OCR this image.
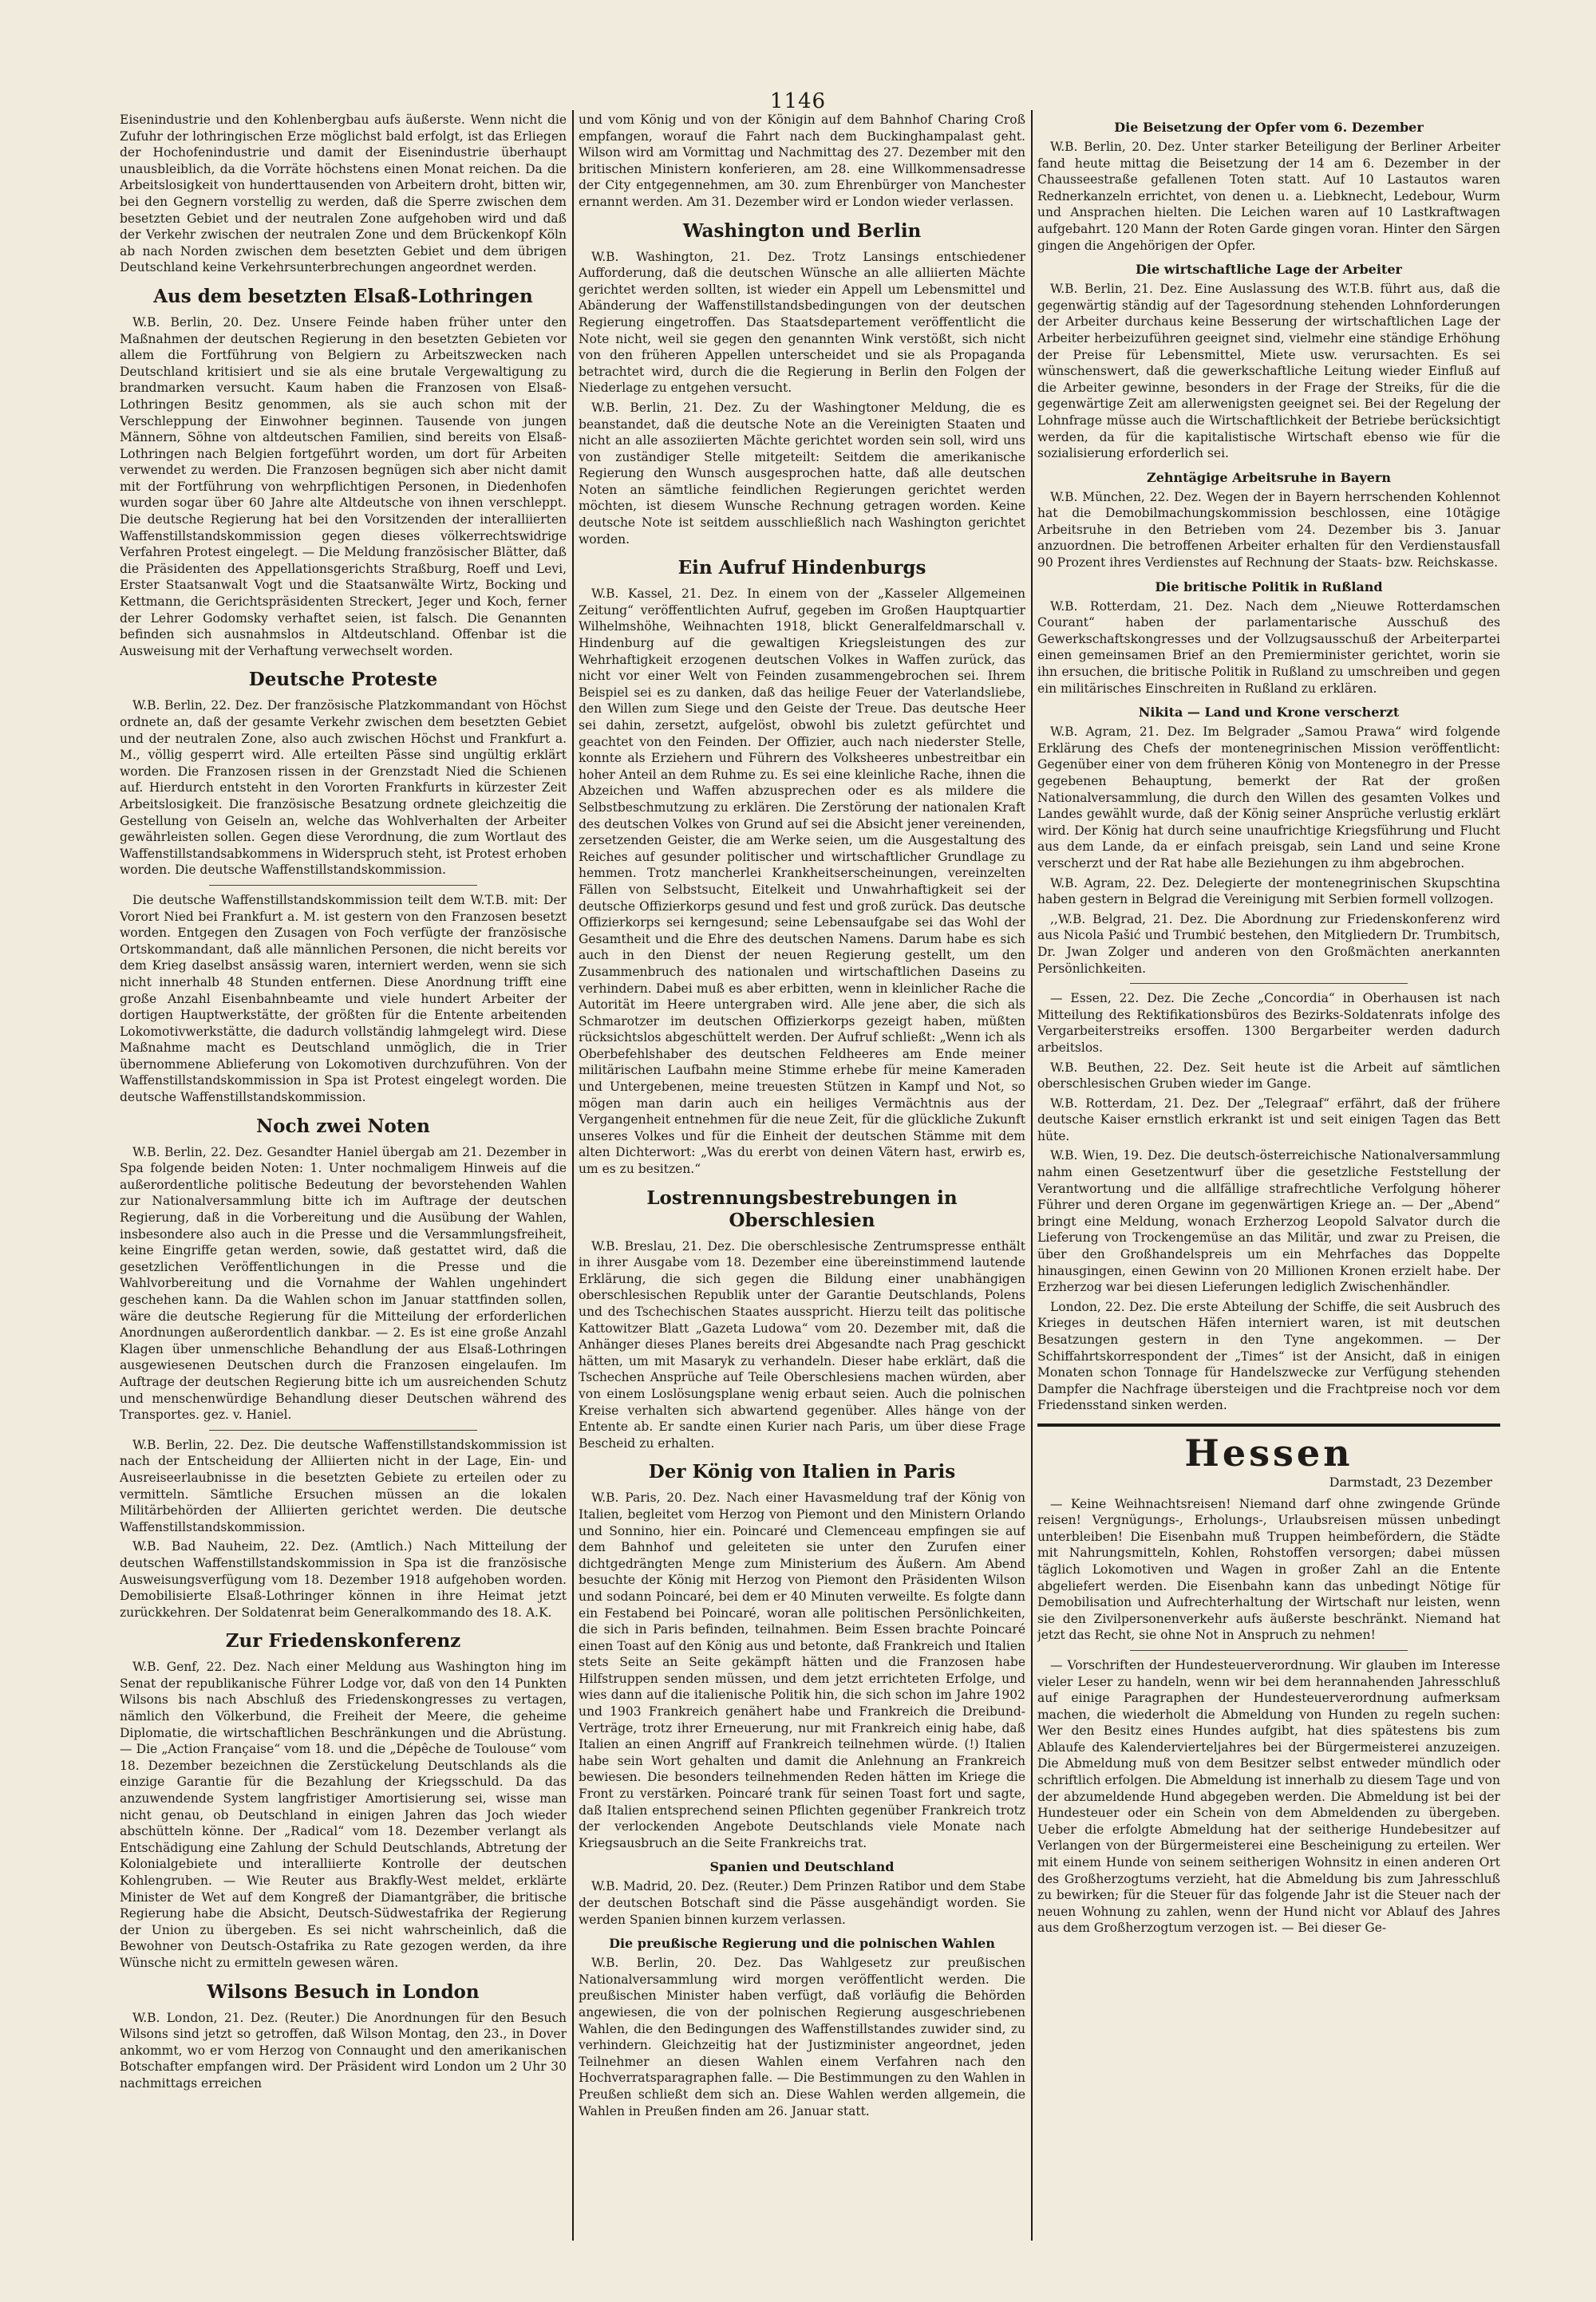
1146

Eisenindustrie und den Kohlenbergbau aufs äußerste. Wenn nicht die Zufuhr der lothringischen Erze möglichst bald erfolgt, ist das Erliegen der Hochofenindustrie und damit der Eisenindustrie überhaupt unausbleiblich, da die Vorräte höchstens einen Monat reichen. Da die Arbeitslosigkeit von hunderttausenden von Arbeitern droht, bitten wir, bei den Gegnern vorstellig zu werden, daß die Sperre zwischen dem besetzten Gebiet und der neutralen Zone aufgehoben wird und daß der Verkehr zwischen der neutralen Zone und dem Brückenkopf Köln ab nach Norden zwischen dem besetzten Gebiet und dem übrigen Deutschland keine Verkehrsunterbrechungen angeordnet werden.

Aus dem besetzten Elsaß-Lothringen

W.B. Berlin, 20. Dez. Unsere Feinde haben früher unter den Maßnahmen der deutschen Regierung in den besetzten Gebieten vor allem die Fortführung von Belgiern zu Arbeitszwecken nach Deutschland kritisiert und sie als eine brutale Vergewaltigung zu brandmarken versucht. Kaum haben die Franzosen von Elsaß-Lothringen Besitz genommen, als sie auch schon mit der Verschleppung der Einwohner beginnen. Tausende von jungen Männern, Söhne von altdeutschen Familien, sind bereits von Elsaß-Lothringen nach Belgien fortgeführt worden, um dort für Arbeiten verwendet zu werden. Die Franzosen begnügen sich aber nicht damit mit der Fortführung von wehrpflichtigen Personen, in Diedenhofen wurden sogar über 60 Jahre alte Altdeutsche von ihnen verschleppt. Die deutsche Regierung hat bei den Vorsitzenden der interalliierten Waffenstillstandskommission gegen dieses völkerrechtswidrige Verfahren Protest eingelegt. — Die Meldung französischer Blätter, daß die Präsidenten des Appellationsgerichts Straßburg, Roeff und Levi, Erster Staatsanwalt Vogt und die Staatsanwälte Wirtz, Bocking und Kettmann, die Gerichtspräsidenten Streckert, Jeger und Koch, ferner der Lehrer Godomsky verhaftet seien, ist falsch. Die Genannten befinden sich ausnahmslos in Altdeutschland. Offenbar ist die Ausweisung mit der Verhaftung verwechselt worden.

Deutsche Proteste

W.B. Berlin, 22. Dez. Der französische Platzkommandant von Höchst ordnete an, daß der gesamte Verkehr zwischen dem besetzten Gebiet und der neutralen Zone, also auch zwischen Höchst und Frankfurt a. M., völlig gesperrt wird. Alle erteilten Pässe sind ungültig erklärt worden. Die Franzosen rissen in der Grenzstadt Nied die Schienen auf. Hierdurch entsteht in den Vororten Frankfurts in kürzester Zeit Arbeitslosigkeit. Die französische Besatzung ordnete gleichzeitig die Gestellung von Geiseln an, welche das Wohlverhalten der Arbeiter gewährleisten sollen. Gegen diese Verordnung, die zum Wortlaut des Waffenstillstandsabkommens in Widerspruch steht, ist Protest erhoben worden. Die deutsche Waffenstillstandskommission.

Die deutsche Waffenstillstandskommission teilt dem W.T.B. mit: Der Vorort Nied bei Frankfurt a. M. ist gestern von den Franzosen besetzt worden. Entgegen den Zusagen von Foch verfügte der französische Ortskommandant, daß alle männlichen Personen, die nicht bereits vor dem Krieg daselbst ansässig waren, interniert werden, wenn sie sich nicht innerhalb 48 Stunden entfernen. Diese Anordnung trifft eine große Anzahl Eisenbahnbeamte und viele hundert Arbeiter der dortigen Hauptwerkstätte, der größten für die Entente arbeitenden Lokomotivwerkstätte, die dadurch vollständig lahmgelegt wird. Diese Maßnahme macht es Deutschland unmöglich, die in Trier übernommene Ablieferung von Lokomotiven durchzuführen. Von der Waffenstillstandskommission in Spa ist Protest eingelegt worden. Die deutsche Waffenstillstandskommission.

Noch zwei Noten

W.B. Berlin, 22. Dez. Gesandter Haniel übergab am 21. Dezember in Spa folgende beiden Noten: 1. Unter nochmaligem Hinweis auf die außerordentliche politische Bedeutung der bevorstehenden Wahlen zur Nationalversammlung bitte ich im Auftrage der deutschen Regierung, daß in die Vorbereitung und die Ausübung der Wahlen, insbesondere also auch in die Presse und die Versammlungsfreiheit, keine Eingriffe getan werden, sowie, daß gestattet wird, daß die gesetzlichen Veröffentlichungen in die Presse und die Wahlvorbereitung und die Vornahme der Wahlen ungehindert geschehen kann. Da die Wahlen schon im Januar stattfinden sollen, wäre die deutsche Regierung für die Mitteilung der erforderlichen Anordnungen außerordentlich dankbar. — 2. Es ist eine große Anzahl Klagen über unmenschliche Behandlung der aus Elsaß-Lothringen ausgewiesenen Deutschen durch die Franzosen eingelaufen. Im Auftrage der deutschen Regierung bitte ich um ausreichenden Schutz und menschenwürdige Behandlung dieser Deutschen während des Transportes. gez. v. Haniel.

W.B. Berlin, 22. Dez. Die deutsche Waffenstillstandskommission ist nach der Entscheidung der Alliierten nicht in der Lage, Ein- und Ausreiseerlaubnisse in die besetzten Gebiete zu erteilen oder zu vermitteln. Sämtliche Ersuchen müssen an die lokalen Militärbehörden der Alliierten gerichtet werden. Die deutsche Waffenstillstandskommission.

W.B. Bad Nauheim, 22. Dez. (Amtlich.) Nach Mitteilung der deutschen Waffenstillstandskommission in Spa ist die französische Ausweisungsverfügung vom 18. Dezember 1918 aufgehoben worden. Demobilisierte Elsaß-Lothringer können in ihre Heimat jetzt zurückkehren. Der Soldatenrat beim Generalkommando des 18. A.K.

Zur Friedenskonferenz

W.B. Genf, 22. Dez. Nach einer Meldung aus Washington hing im Senat der republikanische Führer Lodge vor, daß von den 14 Punkten Wilsons bis nach Abschluß des Friedenskongresses zu vertagen, nämlich den Völkerbund, die Freiheit der Meere, die geheime Diplomatie, die wirtschaftlichen Beschränkungen und die Abrüstung. — Die „Action Française“ vom 18. und die „Dépêche de Toulouse“ vom 18. Dezember bezeichnen die Zerstückelung Deutschlands als die einzige Garantie für die Bezahlung der Kriegsschuld. Da das anzuwendende System langfristiger Amortisierung sei, wisse man nicht genau, ob Deutschland in einigen Jahren das Joch wieder abschütteln könne. Der „Radical“ vom 18. Dezember verlangt als Entschädigung eine Zahlung der Schuld Deutschlands, Abtretung der Kolonialgebiete und interalliierte Kontrolle der deutschen Kohlengruben. — Wie Reuter aus Brakfly-West meldet, erklärte Minister de Wet auf dem Kongreß der Diamantgräber, die britische Regierung habe die Absicht, Deutsch-Südwestafrika der Regierung der Union zu übergeben. Es sei nicht wahrscheinlich, daß die Bewohner von Deutsch-Ostafrika zu Rate gezogen werden, da ihre Wünsche nicht zu ermitteln gewesen wären.

Wilsons Besuch in London

W.B. London, 21. Dez. (Reuter.) Die Anordnungen für den Besuch Wilsons sind jetzt so getroffen, daß Wilson Montag, den 23., in Dover ankommt, wo er vom Herzog von Connaught und den amerikanischen Botschafter empfangen wird. Der Präsident wird London um 2 Uhr 30 nachmittags erreichen

und vom König und von der Königin auf dem Bahnhof Charing Croß empfangen, worauf die Fahrt nach dem Buckinghampalast geht. Wilson wird am Vormittag und Nachmittag des 27. Dezember mit den britischen Ministern konferieren, am 28. eine Willkommensadresse der City entgegennehmen, am 30. zum Ehrenbürger von Manchester ernannt werden. Am 31. Dezember wird er London wieder verlassen.

Washington und Berlin

W.B. Washington, 21. Dez. Trotz Lansings entschiedener Aufforderung, daß die deutschen Wünsche an alle alliierten Mächte gerichtet werden sollten, ist wieder ein Appell um Lebensmittel und Abänderung der Waffenstillstandsbedingungen von der deutschen Regierung eingetroffen. Das Staatsdepartement veröffentlicht die Note nicht, weil sie gegen den genannten Wink verstößt, sich nicht von den früheren Appellen unterscheidet und sie als Propaganda betrachtet wird, durch die die Regierung in Berlin den Folgen der Niederlage zu entgehen versucht.

W.B. Berlin, 21. Dez. Zu der Washingtoner Meldung, die es beanstandet, daß die deutsche Note an die Vereinigten Staaten und nicht an alle assoziierten Mächte gerichtet worden sein soll, wird uns von zuständiger Stelle mitgeteilt: Seitdem die amerikanische Regierung den Wunsch ausgesprochen hatte, daß alle deutschen Noten an sämtliche feindlichen Regierungen gerichtet werden möchten, ist diesem Wunsche Rechnung getragen worden. Keine deutsche Note ist seitdem ausschließlich nach Washington gerichtet worden.

Ein Aufruf Hindenburgs

W.B. Kassel, 21. Dez. In einem von der „Kasseler Allgemeinen Zeitung“ veröffentlichten Aufruf, gegeben im Großen Hauptquartier Wilhelmshöhe, Weihnachten 1918, blickt Generalfeldmarschall v. Hindenburg auf die gewaltigen Kriegsleistungen des zur Wehrhaftigkeit erzogenen deutschen Volkes in Waffen zurück, das nicht vor einer Welt von Feinden zusammengebrochen sei. Ihrem Beispiel sei es zu danken, daß das heilige Feuer der Vaterlandsliebe, den Willen zum Siege und den Geiste der Treue. Das deutsche Heer sei dahin, zersetzt, aufgelöst, obwohl bis zuletzt gefürchtet und geachtet von den Feinden. Der Offizier, auch nach niederster Stelle, konnte als Erziehern und Führern des Volksheeres unbestreitbar ein hoher Anteil an dem Ruhme zu. Es sei eine kleinliche Rache, ihnen die Abzeichen und Waffen abzusprechen oder es als mildere die Selbstbeschmutzung zu erklären. Die Zerstörung der nationalen Kraft des deutschen Volkes von Grund auf sei die Absicht jener vereinenden, zersetzenden Geister, die am Werke seien, um die Ausgestaltung des Reiches auf gesunder politischer und wirtschaftlicher Grundlage zu hemmen. Trotz mancherlei Krankheitserscheinungen, vereinzelten Fällen von Selbstsucht, Eitelkeit und Unwahrhaftigkeit sei der deutsche Offizierkorps gesund und fest und groß zurück. Das deutsche Offizierkorps sei kerngesund; seine Lebensaufgabe sei das Wohl der Gesamtheit und die Ehre des deutschen Namens. Darum habe es sich auch in den Dienst der neuen Regierung gestellt, um den Zusammenbruch des nationalen und wirtschaftlichen Daseins zu verhindern. Dabei muß es aber erbitten, wenn in kleinlicher Rache die Autorität im Heere untergraben wird. Alle jene aber, die sich als Schmarotzer im deutschen Offizierkorps gezeigt haben, müßten rücksichtslos abgeschüttelt werden. Der Aufruf schließt: „Wenn ich als Oberbefehlshaber des deutschen Feldheeres am Ende meiner militärischen Laufbahn meine Stimme erhebe für meine Kameraden und Untergebenen, meine treuesten Stützen in Kampf und Not, so mögen man darin auch ein heiliges Vermächtnis aus der Vergangenheit entnehmen für die neue Zeit, für die glückliche Zukunft unseres Volkes und für die Einheit der deutschen Stämme mit dem alten Dichterwort: „Was du ererbt von deinen Vätern hast, erwirb es, um es zu besitzen.“

Lostrennungsbestrebungen in Oberschlesien

W.B. Breslau, 21. Dez. Die oberschlesische Zentrumspresse enthält in ihrer Ausgabe vom 18. Dezember eine übereinstimmend lautende Erklärung, die sich gegen die Bildung einer unabhängigen oberschlesischen Republik unter der Garantie Deutschlands, Polens und des Tschechischen Staates ausspricht. Hierzu teilt das politische Kattowitzer Blatt „Gazeta Ludowa“ vom 20. Dezember mit, daß die Anhänger dieses Planes bereits drei Abgesandte nach Prag geschickt hätten, um mit Masaryk zu verhandeln. Dieser habe erklärt, daß die Tschechen Ansprüche auf Teile Oberschlesiens machen würden, aber von einem Loslösungsplane wenig erbaut seien. Auch die polnischen Kreise verhalten sich abwartend gegenüber. Alles hänge von der Entente ab. Er sandte einen Kurier nach Paris, um über diese Frage Bescheid zu erhalten.

Der König von Italien in Paris

W.B. Paris, 20. Dez. Nach einer Havasmeldung traf der König von Italien, begleitet vom Herzog von Piemont und den Ministern Orlando und Sonnino, hier ein. Poincaré und Clemenceau empfingen sie auf dem Bahnhof und geleiteten sie unter den Zurufen einer dichtgedrängten Menge zum Ministerium des Äußern. Am Abend besuchte der König mit Herzog von Piemont den Präsidenten Wilson und sodann Poincaré, bei dem er 40 Minuten verweilte. Es folgte dann ein Festabend bei Poincaré, woran alle politischen Persönlichkeiten, die sich in Paris befinden, teilnahmen. Beim Essen brachte Poincaré einen Toast auf den König aus und betonte, daß Frankreich und Italien stets Seite an Seite gekämpft hätten und die Franzosen habe Hilfstruppen senden müssen, und dem jetzt errichteten Erfolge, und wies dann auf die italienische Politik hin, die sich schon im Jahre 1902 und 1903 Frankreich genähert habe und Frankreich die Dreibund-Verträge, trotz ihrer Erneuerung, nur mit Frankreich einig habe, daß Italien an einen Angriff auf Frankreich teilnehmen würde. (!) Italien habe sein Wort gehalten und damit die Anlehnung an Frankreich bewiesen. Die besonders teilnehmenden Reden hätten im Kriege die Front zu verstärken. Poincaré trank für seinen Toast fort und sagte, daß Italien entsprechend seinen Pflichten gegenüber Frankreich trotz der verlockenden Angebote Deutschlands viele Monate nach Kriegsausbruch an die Seite Frankreichs trat.

Spanien und Deutschland

W.B. Madrid, 20. Dez. (Reuter.) Dem Prinzen Ratibor und dem Stabe der deutschen Botschaft sind die Pässe ausgehändigt worden. Sie werden Spanien binnen kurzem verlassen.

Die preußische Regierung und die polnischen Wahlen

W.B. Berlin, 20. Dez. Das Wahlgesetz zur preußischen Nationalversammlung wird morgen veröffentlicht werden. Die preußischen Minister haben verfügt, daß vorläufig die Behörden angewiesen, die von der polnischen Regierung ausgeschriebenen Wahlen, die den Bedingungen des Waffenstillstandes zuwider sind, zu verhindern. Gleichzeitig hat der Justizminister angeordnet, jeden Teilnehmer an diesen Wahlen einem Verfahren nach den Hochverratsparagraphen falle. — Die Bestimmungen zu den Wahlen in Preußen schließt dem sich an. Diese Wahlen werden allgemein, die Wahlen in Preußen finden am 26. Januar statt.

Die Beisetzung der Opfer vom 6. Dezember

W.B. Berlin, 20. Dez. Unter starker Beteiligung der Berliner Arbeiter fand heute mittag die Beisetzung der 14 am 6. Dezember in der Chausseestraße gefallenen Toten statt. Auf 10 Lastautos waren Rednerkanzeln errichtet, von denen u. a. Liebknecht, Ledebour, Wurm und Ansprachen hielten. Die Leichen waren auf 10 Lastkraftwagen aufgebahrt. 120 Mann der Roten Garde gingen voran. Hinter den Särgen gingen die Angehörigen der Opfer.

Die wirtschaftliche Lage der Arbeiter

W.B. Berlin, 21. Dez. Eine Auslassung des W.T.B. führt aus, daß die gegenwärtig ständig auf der Tagesordnung stehenden Lohnforderungen der Arbeiter durchaus keine Besserung der wirtschaftlichen Lage der Arbeiter herbeizuführen geeignet sind, vielmehr eine ständige Erhöhung der Preise für Lebensmittel, Miete usw. verursachten. Es sei wünschenswert, daß die gewerkschaftliche Leitung wieder Einfluß auf die Arbeiter gewinne, besonders in der Frage der Streiks, für die die gegenwärtige Zeit am allerwenigsten geeignet sei. Bei der Regelung der Lohnfrage müsse auch die Wirtschaftlichkeit der Betriebe berücksichtigt werden, da für die kapitalistische Wirtschaft ebenso wie für die sozialisierung erforderlich sei.

Zehntägige Arbeitsruhe in Bayern

W.B. München, 22. Dez. Wegen der in Bayern herrschenden Kohlennot hat die Demobilmachungskommission beschlossen, eine 10tägige Arbeitsruhe in den Betrieben vom 24. Dezember bis 3. Januar anzuordnen. Die betroffenen Arbeiter erhalten für den Verdienstausfall 90 Prozent ihres Verdienstes auf Rechnung der Staats- bzw. Reichskasse.

Die britische Politik in Rußland

W.B. Rotterdam, 21. Dez. Nach dem „Nieuwe Rotterdamschen Courant“ haben der parlamentarische Ausschuß des Gewerkschaftskongresses und der Vollzugsausschuß der Arbeiterpartei einen gemeinsamen Brief an den Premierminister gerichtet, worin sie ihn ersuchen, die britische Politik in Rußland zu umschreiben und gegen ein militärisches Einschreiten in Rußland zu erklären.

Nikita — Land und Krone verscherzt

W.B. Agram, 21. Dez. Im Belgrader „Samou Prawa“ wird folgende Erklärung des Chefs der montenegrinischen Mission veröffentlicht: Gegenüber einer von dem früheren König von Montenegro in der Presse gegebenen Behauptung, bemerkt der Rat der großen Nationalversammlung, die durch den Willen des gesamten Volkes und Landes gewählt wurde, daß der König seiner Ansprüche verlustig erklärt wird. Der König hat durch seine unaufrichtige Kriegsführung und Flucht aus dem Lande, da er einfach preisgab, sein Land und seine Krone verscherzt und der Rat habe alle Beziehungen zu ihm abgebrochen.

W.B. Agram, 22. Dez. Delegierte der montenegrinischen Skupschtina haben gestern in Belgrad die Vereinigung mit Serbien formell vollzogen.

,,W.B. Belgrad, 21. Dez. Die Abordnung zur Friedenskonferenz wird aus Nicola Pašić und Trumbić bestehen, den Mitgliedern Dr. Trumbitsch, Dr. Jwan Zolger und anderen von den Großmächten anerkannten Persönlichkeiten.

— Essen, 22. Dez. Die Zeche „Concordia“ in Oberhausen ist nach Mitteilung des Rektifikationsbüros des Bezirks-Soldatenrats infolge des Vergarbeiterstreiks ersoffen. 1300 Bergarbeiter werden dadurch arbeitslos.

W.B. Beuthen, 22. Dez. Seit heute ist die Arbeit auf sämtlichen oberschlesischen Gruben wieder im Gange.

W.B. Rotterdam, 21. Dez. Der „Telegraaf“ erfährt, daß der frühere deutsche Kaiser ernstlich erkrankt ist und seit einigen Tagen das Bett hüte.

W.B. Wien, 19. Dez. Die deutsch-österreichische Nationalversammlung nahm einen Gesetzentwurf über die gesetzliche Feststellung der Verantwortung und die allfällige strafrechtliche Verfolgung höherer Führer und deren Organe im gegenwärtigen Kriege an. — Der „Abend“ bringt eine Meldung, wonach Erzherzog Leopold Salvator durch die Lieferung von Trockengemüse an das Militär, und zwar zu Preisen, die über den Großhandelspreis um ein Mehrfaches das Doppelte hinausgingen, einen Gewinn von 20 Millionen Kronen erzielt habe. Der Erzherzog war bei diesen Lieferungen lediglich Zwischenhändler.

London, 22. Dez. Die erste Abteilung der Schiffe, die seit Ausbruch des Krieges in deutschen Häfen interniert waren, ist mit deutschen Besatzungen gestern in den Tyne angekommen. — Der Schiffahrtskorrespondent der „Times“ ist der Ansicht, daß in einigen Monaten schon Tonnage für Handelszwecke zur Verfügung stehenden Dampfer die Nachfrage übersteigen und die Frachtpreise noch vor dem Friedensstand sinken werden.

Hessen
Darmstadt, 23 Dezember

— Keine Weihnachtsreisen! Niemand darf ohne zwingende Gründe reisen! Vergnügungs-, Erholungs-, Urlaubsreisen müssen unbedingt unterbleiben! Die Eisenbahn muß Truppen heimbefördern, die Städte mit Nahrungsmitteln, Kohlen, Rohstoffen versorgen; dabei müssen täglich Lokomotiven und Wagen in großer Zahl an die Entente abgeliefert werden. Die Eisenbahn kann das unbedingt Nötige für Demobilisation und Aufrechterhaltung der Wirtschaft nur leisten, wenn sie den Zivilpersonenverkehr aufs äußerste beschränkt. Niemand hat jetzt das Recht, sie ohne Not in Anspruch zu nehmen!

— Vorschriften der Hundesteuerverordnung. Wir glauben im Interesse vieler Leser zu handeln, wenn wir bei dem herannahenden Jahresschluß auf einige Paragraphen der Hundesteuerverordnung aufmerksam machen, die wiederholt die Abmeldung von Hunden zu regeln suchen: Wer den Besitz eines Hundes aufgibt, hat dies spätestens bis zum Ablaufe des Kalendervierteljahres bei der Bürgermeisterei anzuzeigen. Die Abmeldung muß von dem Besitzer selbst entweder mündlich oder schriftlich erfolgen. Die Abmeldung ist innerhalb zu diesem Tage und von der abzumeldende Hund abgegeben werden. Die Abmeldung ist bei der Hundesteuer oder ein Schein von dem Abmeldenden zu übergeben. Ueber die erfolgte Abmeldung hat der seitherige Hundebesitzer auf Verlangen von der Bürgermeisterei eine Bescheinigung zu erteilen. Wer mit einem Hunde von seinem seitherigen Wohnsitz in einen anderen Ort des Großherzogtums verzieht, hat die Abmeldung bis zum Jahresschluß zu bewirken; für die Steuer für das folgende Jahr ist die Steuer nach der neuen Wohnung zu zahlen, wenn der Hund nicht vor Ablauf des Jahres aus dem Großherzogtum verzogen ist. — Bei dieser Ge-
